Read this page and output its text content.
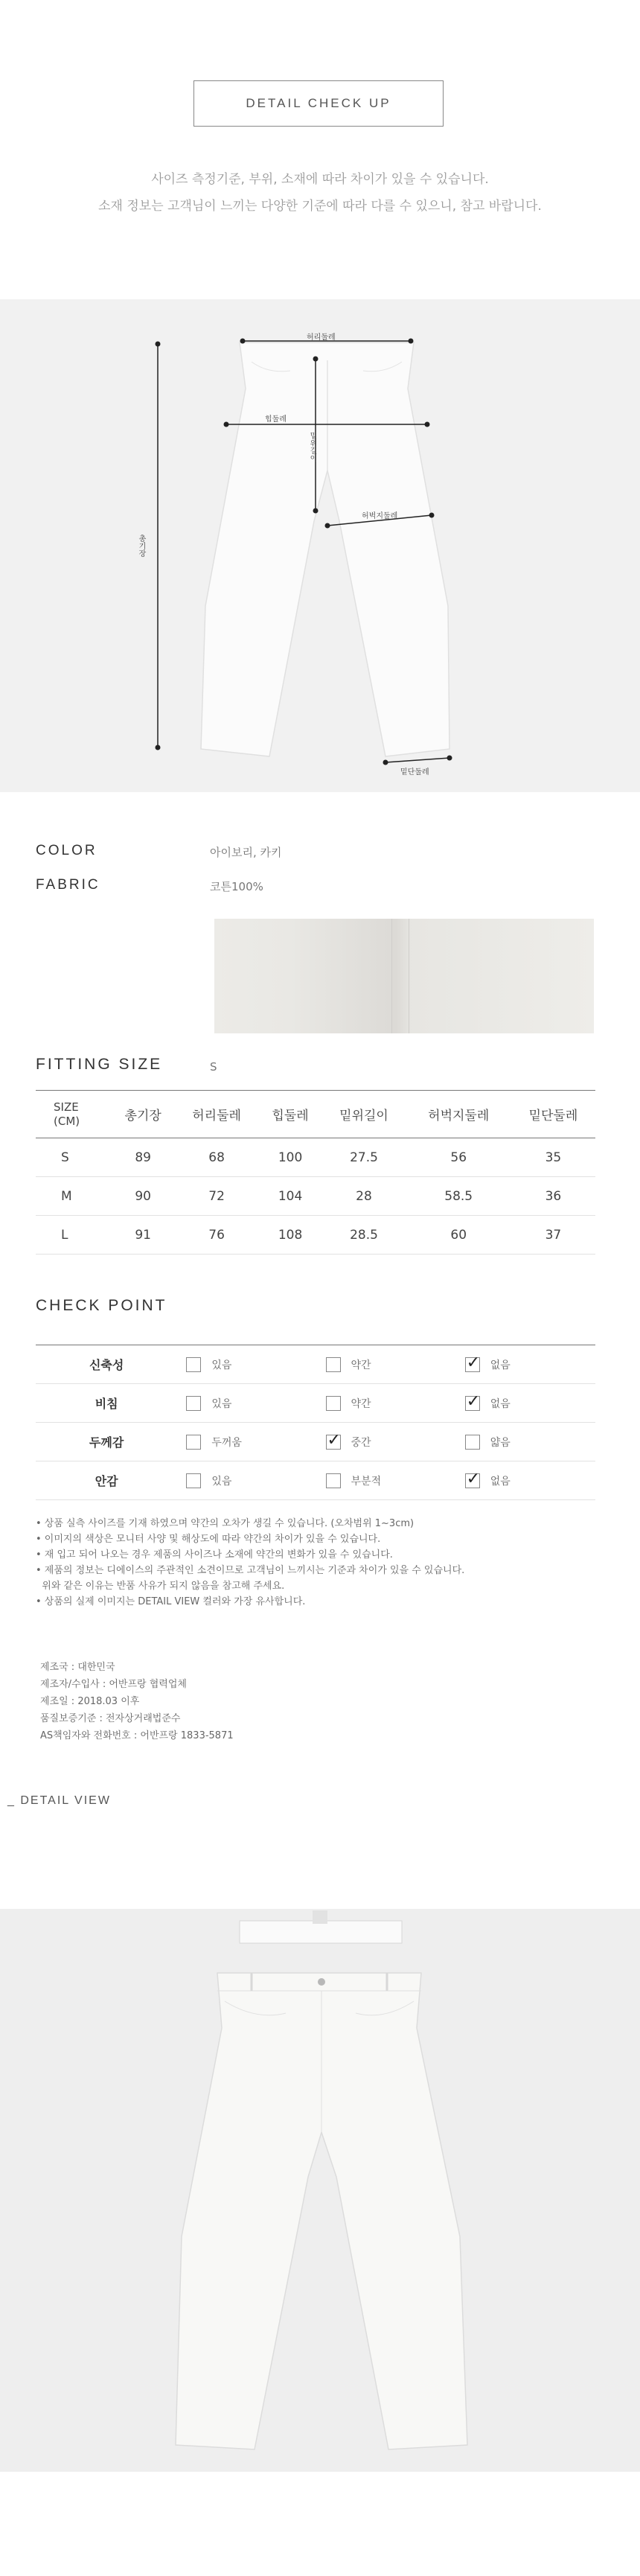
DETAIL CHECK UP
사이즈 측정기준, 부위, 소재에 따라 차이가 있을 수 있습니다.
소재 정보는 고객님이 느끼는 다양한 기준에 따라 다를 수 있으니, 참고 바랍니다.
허리둘레
힙둘레
밑위길이
허벅지둘레
총기장
밑단둘레
COLOR	아이보리, 카키
FABRIC	코튼100%
FITTING SIZE	S
SIZE
(CM)	총기장	허리둘레	힙둘레	밑위길이	허벅지둘레	밑단둘레
S	89	68	100	27.5	56	35
M	90	72	104	28	58.5	36
L	91	76	108	28.5	60	37
CHECK POINT
신축성	있음	약간	✓없음
비침	있음	약간	✓없음
두께감	두꺼움	✓중간	얇음
안감	있음	부분적	✓없음
• 상품 실측 사이즈를 기재 하였으며 약간의 오차가 생길 수 있습니다. (오차범위 1~3cm)
• 이미지의 색상은 모니터 사양 및 해상도에 따라 약간의 차이가 있을 수 있습니다.
• 재 입고 되어 나오는 경우 제품의 사이즈나 소재에 약간의 변화가 있을 수 있습니다.
• 제품의 정보는 디에이스의 주관적인 소견이므로 고객님이 느끼시는 기준과 차이가 있을 수 있습니다.
위와 같은 이유는 반품 사유가 되지 않음을 참고해 주세요.
• 상품의 실제 이미지는 DETAIL VIEW 컬러와 가장 유사합니다.
제조국 : 대한민국
제조자/수입사 : 어반프랑 협력업체
제조일 : 2018.03 이후
품질보증기준 : 전자상거래법준수
AS책임자와 전화번호 : 어반프랑 1833-5871
_ DETAIL VIEW
